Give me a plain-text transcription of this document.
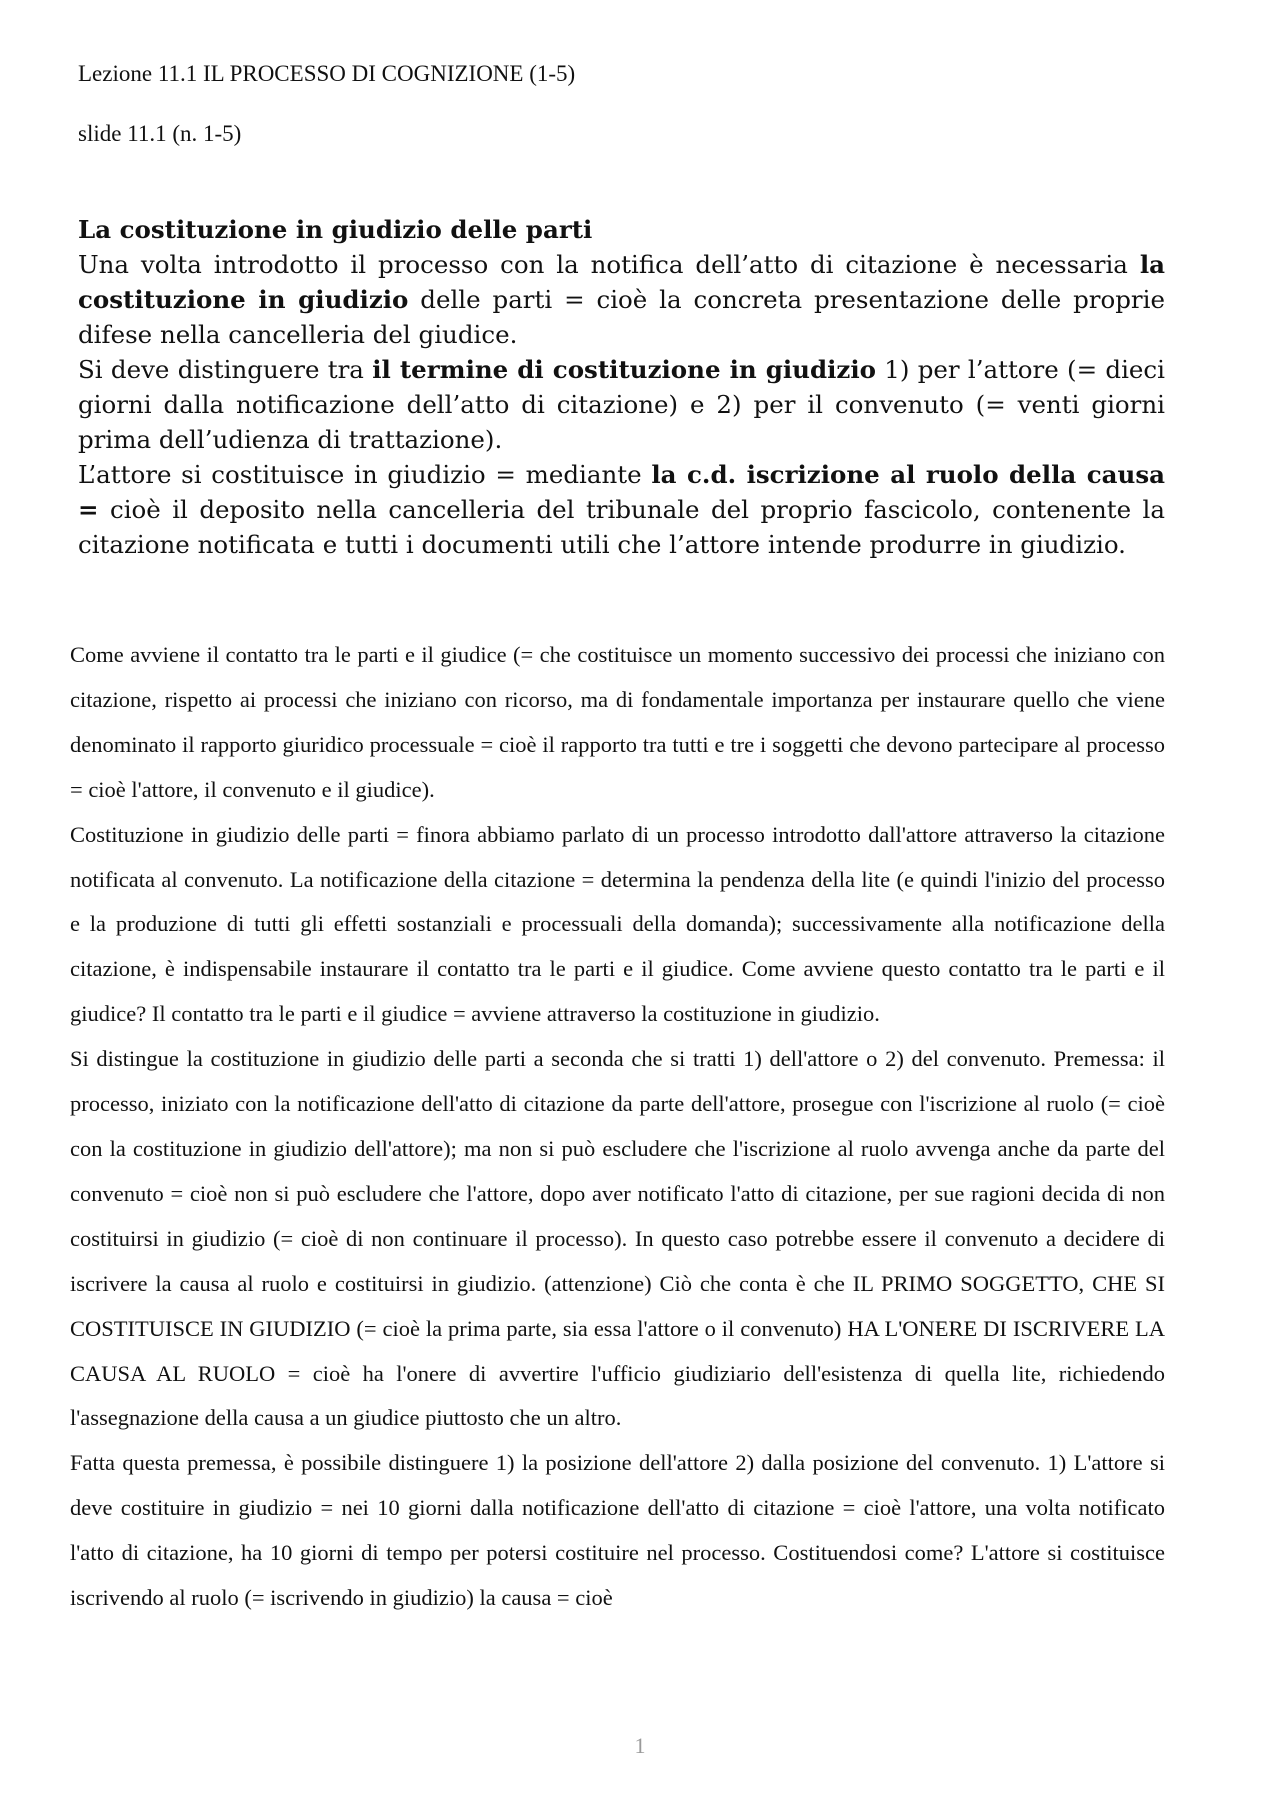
Lezione 11.1 IL PROCESSO DI COGNIZIONE (1-5)
slide 11.1 (n. 1-5)
La costituzione in giudizio delle parti

Una volta introdotto il processo con la notifica dell’atto di citazione è necessaria la costituzione in giudizio delle parti = cioè la concreta presentazione delle proprie difese nella cancelleria del giudice.

Si deve distinguere tra il termine di costituzione in giudizio 1) per l’attore (= dieci giorni dalla notificazione dell’atto di citazione) e 2) per il convenuto (= venti giorni prima dell’udienza di trattazione).

L’attore si costituisce in giudizio = mediante la c.d. iscrizione al ruolo della causa = cioè il deposito nella cancelleria del tribunale del proprio fascicolo, contenente la citazione notificata e tutti i documenti utili che l’attore intende produrre in giudizio.

Come avviene il contatto tra le parti e il giudice (= che costituisce un momento successivo dei processi che iniziano con citazione, rispetto ai processi che iniziano con ricorso, ma di fondamentale importanza per instaurare quello che viene denominato il rapporto giuridico processuale = cioè il rapporto tra tutti e tre i soggetti che devono partecipare al processo = cioè l'attore, il convenuto e il giudice).

Costituzione in giudizio delle parti = finora abbiamo parlato di un processo introdotto dall'attore attraverso la citazione notificata al convenuto. La notificazione della citazione = determina la pendenza della lite (e quindi l'inizio del processo e la produzione di tutti gli effetti sostanziali e processuali della domanda); successivamente alla notificazione della citazione, è indispensabile instaurare il contatto tra le parti e il giudice. Come avviene questo contatto tra le parti e il giudice? Il contatto tra le parti e il giudice = avviene attraverso la costituzione in giudizio.

Si distingue la costituzione in giudizio delle parti a seconda che si tratti 1) dell'attore o 2) del convenuto. Premessa: il processo, iniziato con la notificazione dell'atto di citazione da parte dell'attore, prosegue con l'iscrizione al ruolo (= cioè con la costituzione in giudizio dell'attore); ma non si può escludere che l'iscrizione al ruolo avvenga anche da parte del convenuto = cioè non si può escludere che l'attore, dopo aver notificato l'atto di citazione, per sue ragioni decida di non costituirsi in giudizio (= cioè di non continuare il processo). In questo caso potrebbe essere il convenuto a decidere di iscrivere la causa al ruolo e costituirsi in giudizio. (attenzione) Ciò che conta è che IL PRIMO SOGGETTO, CHE SI COSTITUISCE IN GIUDIZIO (= cioè la prima parte, sia essa l'attore o il convenuto) HA L'ONERE DI ISCRIVERE LA CAUSA AL RUOLO = cioè ha l'onere di avvertire l'ufficio giudiziario dell'esistenza di quella lite, richiedendo l'assegnazione della causa a un giudice piuttosto che un altro.

Fatta questa premessa, è possibile distinguere 1) la posizione dell'attore 2) dalla posizione del convenuto. 1) L'attore si deve costituire in giudizio = nei 10 giorni dalla notificazione dell'atto di citazione = cioè l'attore, una volta notificato l'atto di citazione, ha 10 giorni di tempo per potersi costituire nel processo. Costituendosi come? L'attore si costituisce iscrivendo al ruolo (= iscrivendo in giudizio) la causa = cioè

1
